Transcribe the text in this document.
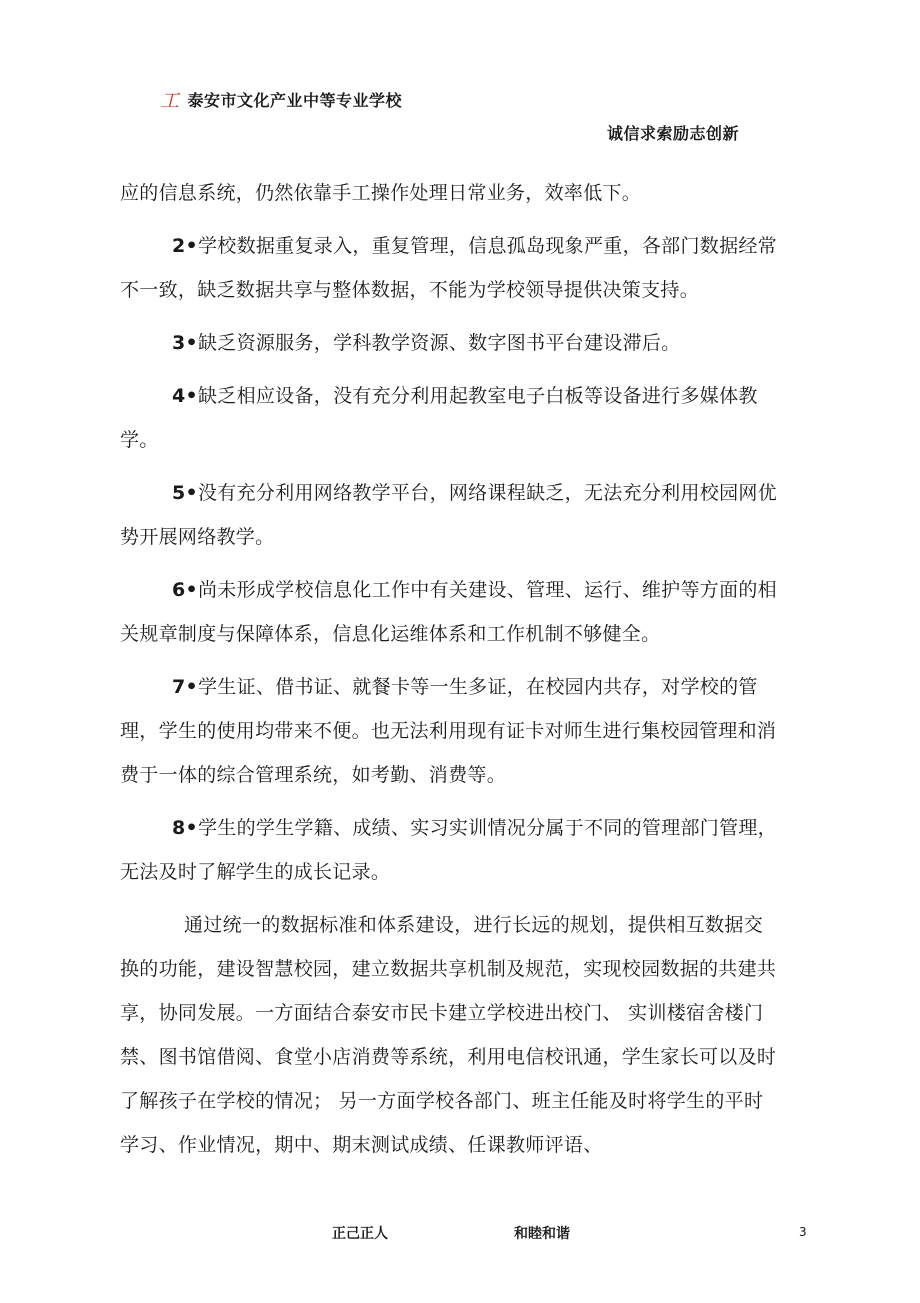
工 泰安市文化产业中等专业学校
诚信求索励志创新

应的信息系统，仍然依靠手工操作处理日常业务，效率低下。

2•学校数据重复录入，重复管理，信息孤岛现象严重，各部门数据经常不一致，缺乏数据共享与整体数据，不能为学校领导提供决策支持。

3•缺乏资源服务，学科教学资源、数字图书平台建设滞后。

4•缺乏相应设备，没有充分利用起教室电子白板等设备进行多媒体教学。

5•没有充分利用网络教学平台，网络课程缺乏，无法充分利用校园网优势开展网络教学。

6•尚未形成学校信息化工作中有关建设、管理、运行、维护等方面的相关规章制度与保障体系，信息化运维体系和工作机制不够健全。

7•学生证、借书证、就餐卡等一生多证，在校园内共存，对学校的管理，学生的使用均带来不便。也无法利用现有证卡对师生进行集校园管理和消费于一体的综合管理系统，如考勤、消费等。

8•学生的学生学籍、成绩、实习实训情况分属于不同的管理部门管理，无法及时了解学生的成长记录。

通过统一的数据标准和体系建设，进行长远的规划，提供相互数据交换的功能，建设智慧校园，建立数据共享机制及规范，实现校园数据的共建共享，协同发展。一方面结合泰安市民卡建立学校进出校门、 实训楼宿舍楼门禁、图书馆借阅、食堂小店消费等系统，利用电信校讯通，学生家长可以及时了解孩子在学校的情况； 另一方面学校各部门、班主任能及时将学生的平时学习、作业情况，期中、期末测试成绩、任课教师评语、

正己正人	和睦和谐	3
